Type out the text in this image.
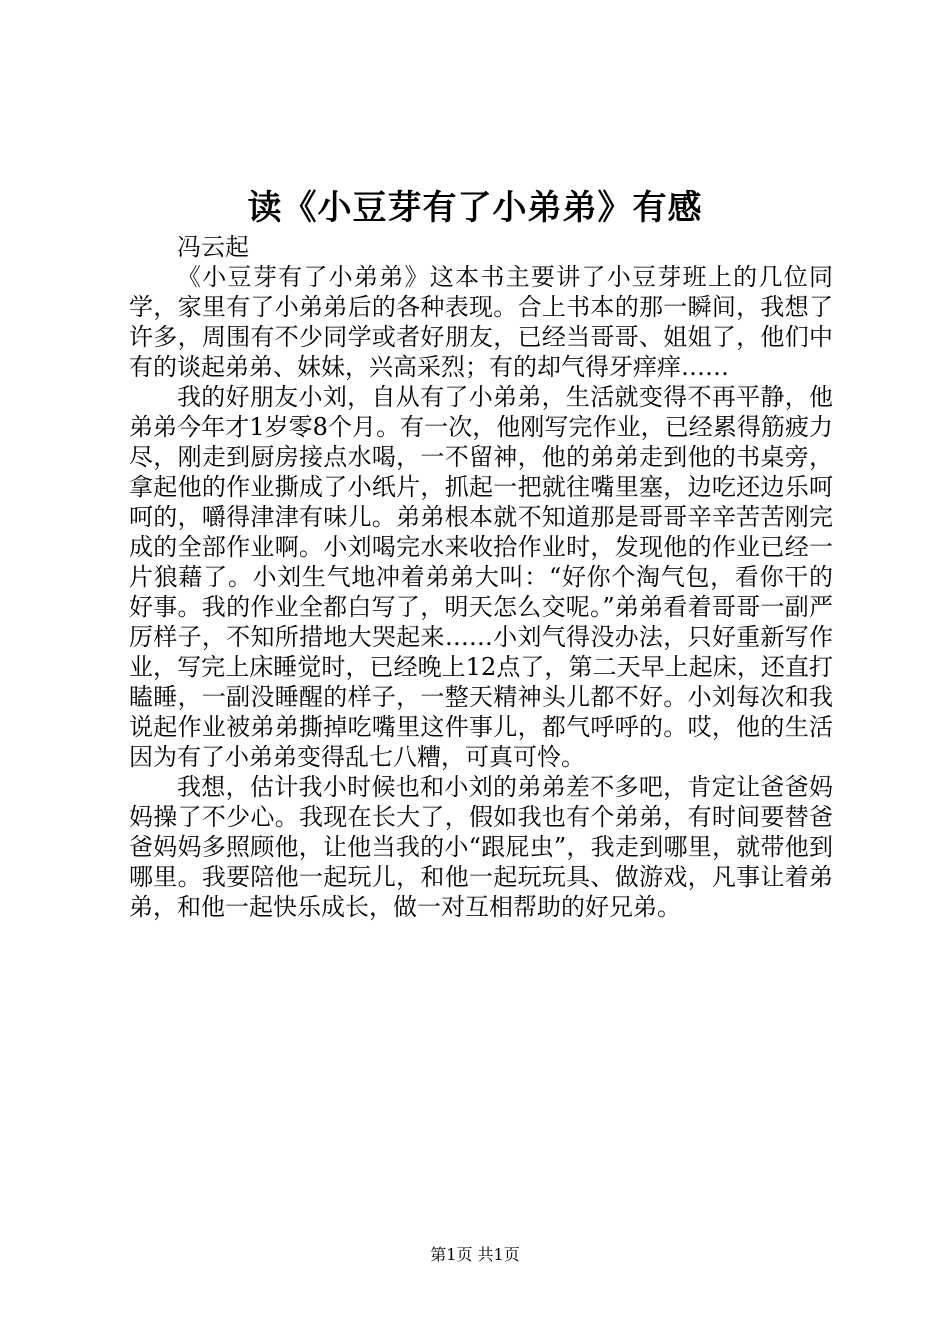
读《小豆芽有了小弟弟》有感

冯云起

《小豆芽有了小弟弟》这本书主要讲了小豆芽班上的几位同学，家里有了小弟弟后的各种表现。合上书本的那一瞬间，我想了许多，周围有不少同学或者好朋友，已经当哥哥、姐姐了，他们中有的谈起弟弟、妹妹，兴高采烈；有的却气得牙痒痒……

我的好朋友小刘，自从有了小弟弟，生活就变得不再平静，他弟弟今年才1岁零8个月。有一次，他刚写完作业，已经累得筋疲力尽，刚走到厨房接点水喝，一不留神，他的弟弟走到他的书桌旁，拿起他的作业撕成了小纸片，抓起一把就往嘴里塞，边吃还边乐呵呵的，嚼得津津有味儿。弟弟根本就不知道那是哥哥辛辛苦苦刚完成的全部作业啊。小刘喝完水来收拾作业时，发现他的作业已经一片狼藉了。小刘生气地冲着弟弟大叫：“好你个淘气包，看你干的好事。我的作业全都白写了，明天怎么交呢。”弟弟看着哥哥一副严厉样子，不知所措地大哭起来……小刘气得没办法，只好重新写作业，写完上床睡觉时，已经晚上12点了，第二天早上起床，还直打瞌睡，一副没睡醒的样子，一整天精神头儿都不好。小刘每次和我说起作业被弟弟撕掉吃嘴里这件事儿，都气呼呼的。哎，他的生活因为有了小弟弟变得乱七八糟，可真可怜。

我想，估计我小时候也和小刘的弟弟差不多吧，肯定让爸爸妈妈操了不少心。我现在长大了，假如我也有个弟弟，有时间要替爸爸妈妈多照顾他，让他当我的小“跟屁虫”，我走到哪里，就带他到哪里。我要陪他一起玩儿，和他一起玩玩具、做游戏，凡事让着弟弟，和他一起快乐成长，做一对互相帮助的好兄弟。

第1页 共1页
